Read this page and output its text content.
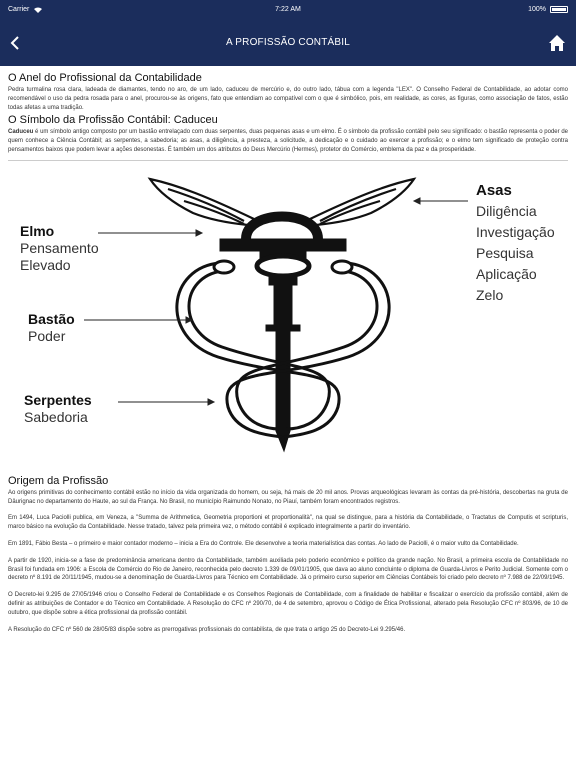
Carrier	7:22 AM	100%
A PROFISSÃO CONTÁBIL
O Anel do Profissional da Contabilidade

Pedra turmalina rosa clara, ladeada de diamantes, tendo no aro, de um lado, caduceu de mercúrio e, do outro lado, tábua com a legenda "LEX". O Conselho Federal de Contabilidade, ao adotar como recomendável o uso da pedra rosada para o anel, procurou-se às origens, fato que entendiam ao compatível com o que é simbólico, pois, em realidade, as cores, as figuras, como associação de fatos, estão todas afetas a uma tradição.

O Símbolo da Profissão Contábil: Caduceu

Caduceu é um símbolo antigo composto por um bastão entrelaçado com duas serpentes, duas pequenas asas e um elmo. É o símbolo da profissão contábil pelo seu significado: o bastão representa o poder de quem conhece a Ciência Contábil; as serpentes, a sabedoria; as asas, a diligência, a presteza, a solicitude, a dedicação e o cuidado ao exercer a profissão; e o elmo tem significado de proteção contra pensamentos baixos que podem levar a ações desonestas. É também um dos atributos do Deus Mercúrio (Hermes), protetor do Comércio, emblema da paz e da prosperidade.

Elmo
Pensamento
Elevado
Bastão
Poder
Serpentes
Sabedoria
Asas
Diligência
Investigação
Pesquisa
Aplicação
Zelo
Origem da Profissão

Ao origens primitivas do conhecimento contábil estão no início da vida organizada do homem, ou seja, há mais de 20 mil anos. Provas arqueológicas levaram às contas da pré-história, descobertas na gruta de Dâurignac no departamento do Haute, ao sul da França. No Brasil, no município Raimundo Nonato, no Piauí, também foram encontrados registros.

Em 1494, Luca Paciolli publica, em Veneza, a "Summa de Arithmetica, Geometria proportioni et proportionalità", na qual se distingue, para a história da Contabilidade, o Tractatus de Computis et scripturis, marco básico na evolução da Contabilidade. Nesse tratado, talvez pela primeira vez, o método contábil é explicado integralmente a partir do inventário.

Em 1891, Fábio Besta – o primeiro e maior contador moderno – inicia a Era do Controle. Ele desenvolve a teoria materialística das contas. Ao lado de Paciolli, é o maior vulto da Contabilidade.

A partir de 1920, inicia-se a fase de predominância americana dentro da Contabilidade, também auxiliada pelo poderio econômico e político da grande nação. No Brasil, a primeira escola de Contabilidade no Brasil foi fundada em 1906: a Escola de Comércio do Rio de Janeiro, reconhecida pelo decreto 1.339 de 09/01/1905, que dava ao aluno concluinte o diploma de Guarda-Livros e Perito Judicial. Somente com o decreto nº 8.191 de 20/11/1945, mudou-se a denominação de Guarda-Livros para Técnico em Contabilidade. Já o primeiro curso superior em Ciências Contábeis foi criado pelo decreto nº 7.988 de 22/09/1945.

O Decreto-lei 9.295 de 27/05/1946 criou o Conselho Federal de Contabilidade e os Conselhos Regionais de Contabilidade, com a finalidade de habilitar e fiscalizar o exercício da profissão contábil, além de definir as atribuições de Contador e do Técnico em Contabilidade. A Resolução do CFC nº 290/70, de 4 de setembro, aprovou o Código de Ética Profissional, alterado pela Resolução CFC nº 803/96, de 10 de outubro, que dispõe sobre a ética profissional da profissão contábil.

A Resolução do CFC nº 560 de 28/05/83 dispõe sobre as prerrogativas profissionais do contabilista, de que trata o artigo 25 do Decreto-Lei 9.295/46.
